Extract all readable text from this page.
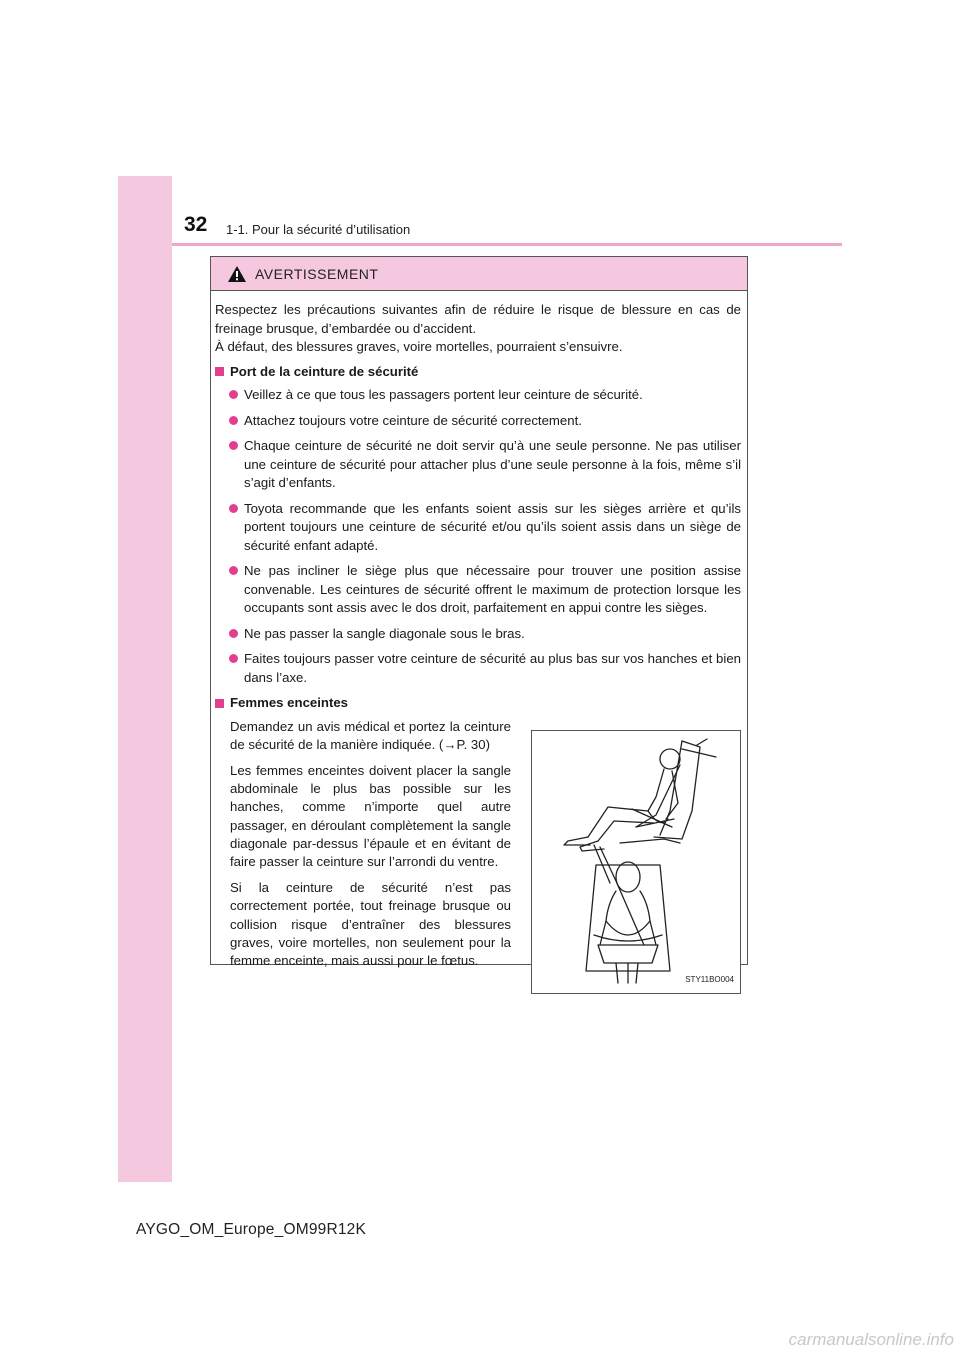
32 1-1. Pour la sécurité d’utilisation
AVERTISSEMENT

Respectez les précautions suivantes afin de réduire le risque de blessure en cas de freinage brusque, d’embardée ou d’accident.

À défaut, des blessures graves, voire mortelles, pourraient s’ensuivre.

Port de la ceinture de sécurité
Veillez à ce que tous les passagers portent leur ceinture de sécurité.
Attachez toujours votre ceinture de sécurité correctement.
Chaque ceinture de sécurité ne doit servir qu’à une seule personne. Ne pas utiliser une ceinture de sécurité pour attacher plus d’une seule personne à la fois, même s’il s’agit d’enfants.
Toyota recommande que les enfants soient assis sur les sièges arrière et qu’ils portent toujours une ceinture de sécurité et/ou qu’ils soient assis dans un siège de sécurité enfant adapté.
Ne pas incliner le siège plus que nécessaire pour trouver une position assise convenable. Les ceintures de sécurité offrent le maximum de protection lorsque les occupants sont assis avec le dos droit, parfaitement en appui contre les sièges.
Ne pas passer la sangle diagonale sous le bras.
Faites toujours passer votre ceinture de sécurité au plus bas sur vos hanches et bien dans l’axe.
Femmes enceintes

Demandez un avis médical et portez la ceinture de sécurité de la manière indiquée. (→P. 30)

Les femmes enceintes doivent placer la sangle abdominale le plus bas possible sur les hanches, comme n’importe quel autre passager, en déroulant complètement la sangle diagonale par-dessus l’épaule et en évitant de faire passer la ceinture sur l’arrondi du ventre.

Si la ceinture de sécurité n’est pas correctement portée, tout freinage brusque ou collision risque d’entraîner des blessures graves, voire mortelles, non seulement pour la femme enceinte, mais aussi pour le fœtus.

STY11BO004
AYGO_OM_Europe_OM99R12K
carmanualsonline.info
